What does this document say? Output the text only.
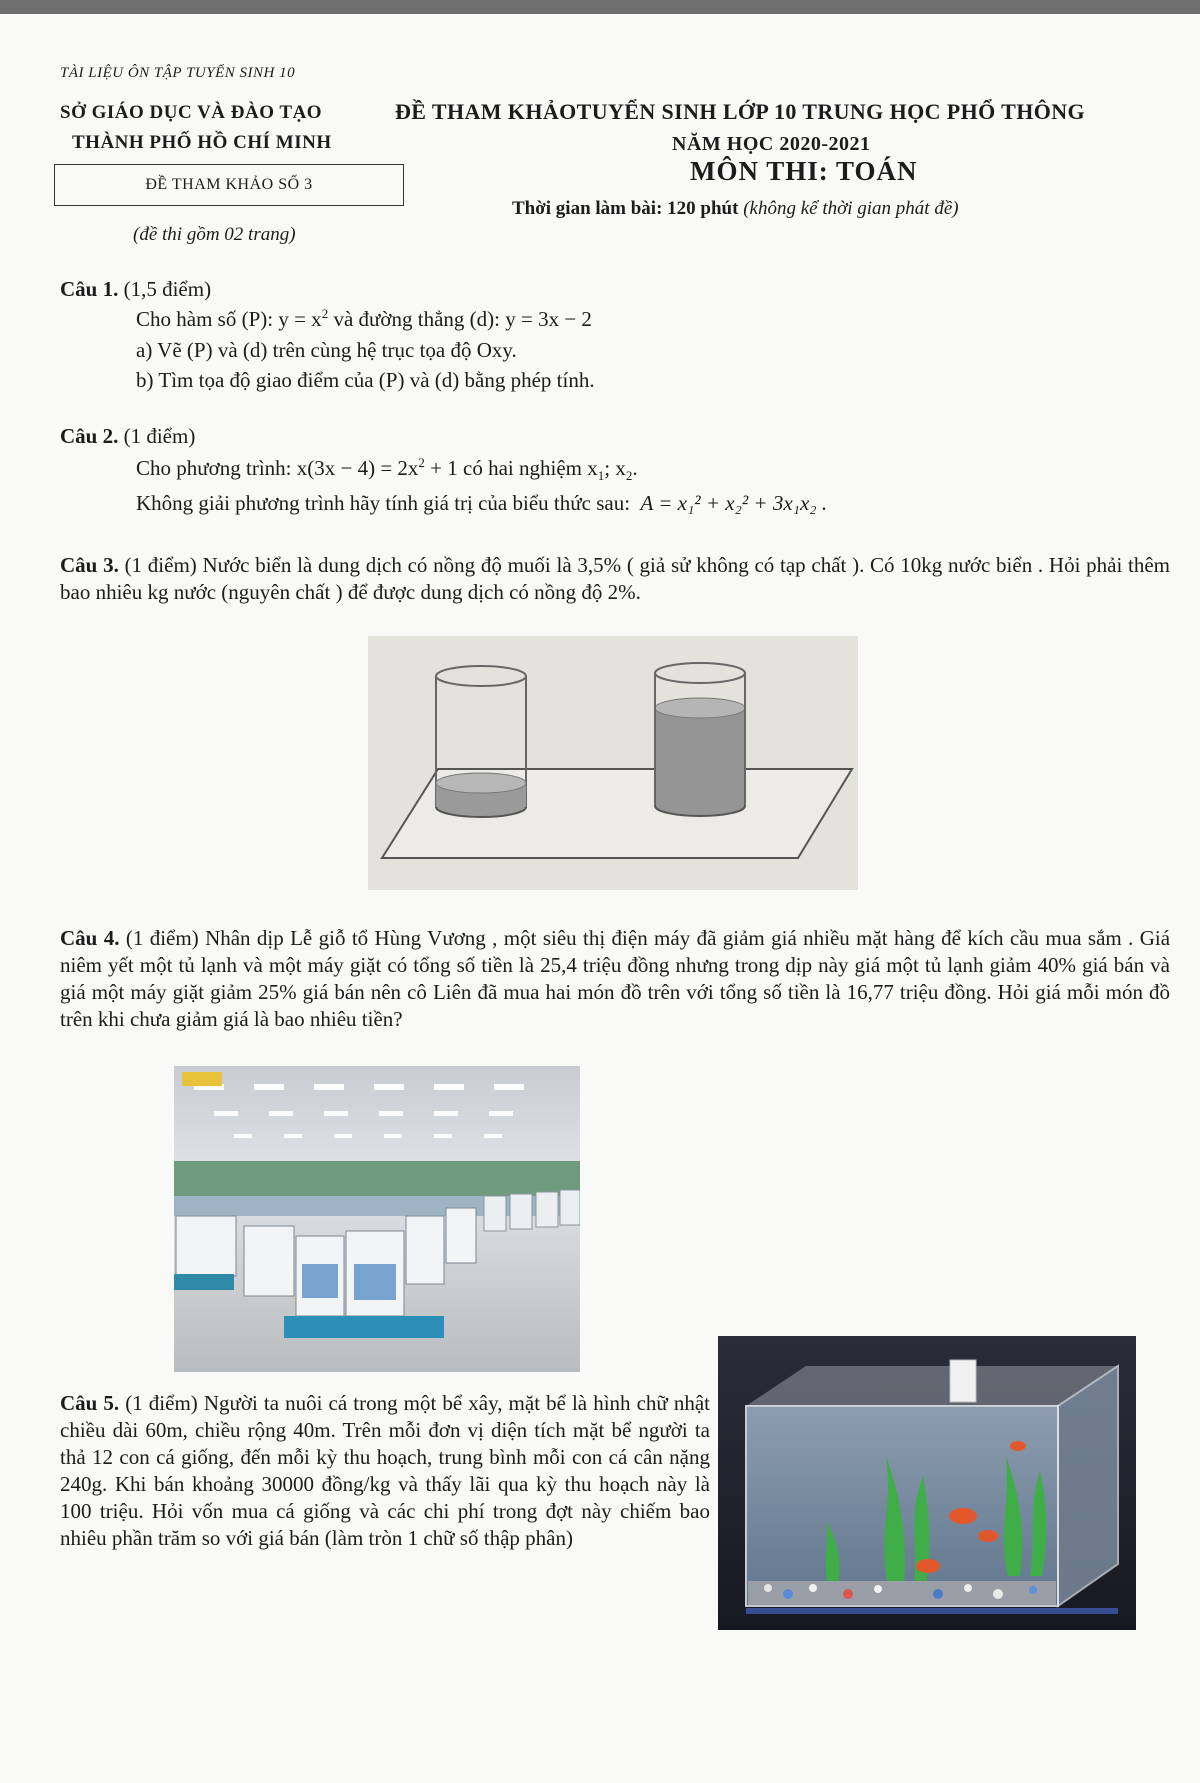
TÀI LIỆU ÔN TẬP TUYỂN SINH 10
SỞ GIÁO DỤC VÀ ĐÀO TẠO
THÀNH PHỐ HỒ CHÍ MINH
ĐỀ THAM KHẢO SỐ 3
(đề thi gồm 02 trang)
ĐỀ THAM KHẢOTUYỂN SINH LỚP 10 TRUNG HỌC PHỔ THÔNG
NĂM HỌC 2020-2021
MÔN THI: TOÁN
Thời gian làm bài: 120 phút (không kể thời gian phát đề)
Câu 1. (1,5 điểm)
Cho hàm số (P): $y = x^2$ và đường thẳng (d): y = 3x − 2
a) Vẽ (P) và (d) trên cùng hệ trục tọa độ Oxy.
b) Tìm tọa độ giao điểm của (P) và (d) bằng phép tính.
Câu 2. (1 điểm)
Cho phương trình: $x(3x - 4) = 2x^2 + 1$ có hai nghiệm $x_1$; $x_2$.
Không giải phương trình hãy tính giá trị của biểu thức sau: A = x₁² + x₂² + 3x₁x₂ .
Câu 3. (1 điểm) Nước biển là dung dịch có nồng độ muối là 3,5% ( giả sử không có tạp chất ). Có 10kg nước biển . Hỏi phải thêm bao nhiêu kg nước (nguyên chất ) để được dung dịch có nồng độ 2%.
Câu 4. (1 điểm) Nhân dịp Lễ giỗ tổ Hùng Vương , một siêu thị điện máy đã giảm giá nhiều mặt hàng để kích cầu mua sắm . Giá niêm yết một tủ lạnh và một máy giặt có tổng số tiền là 25,4 triệu đồng nhưng trong dịp này giá một tủ lạnh giảm 40% giá bán và giá một máy giặt giảm 25% giá bán nên cô Liên đã mua hai món đồ trên với tổng số tiền là 16,77 triệu đồng. Hỏi giá mỗi món đồ trên khi chưa giảm giá là bao nhiêu tiền?
Câu 5. (1 điểm) Người ta nuôi cá trong một bể xây, mặt bể là hình chữ nhật chiều dài 60m, chiều rộng 40m. Trên mỗi đơn vị diện tích mặt bể người ta thả 12 con cá giống, đến mỗi kỳ thu hoạch, trung bình mỗi con cá cân nặng 240g. Khi bán khoảng 30000 đồng/kg và thấy lãi qua kỳ thu hoạch này là 100 triệu. Hỏi vốn mua cá giống và các chi phí trong đợt này chiếm bao nhiêu phần trăm so với giá bán (làm tròn 1 chữ số thập phân)
